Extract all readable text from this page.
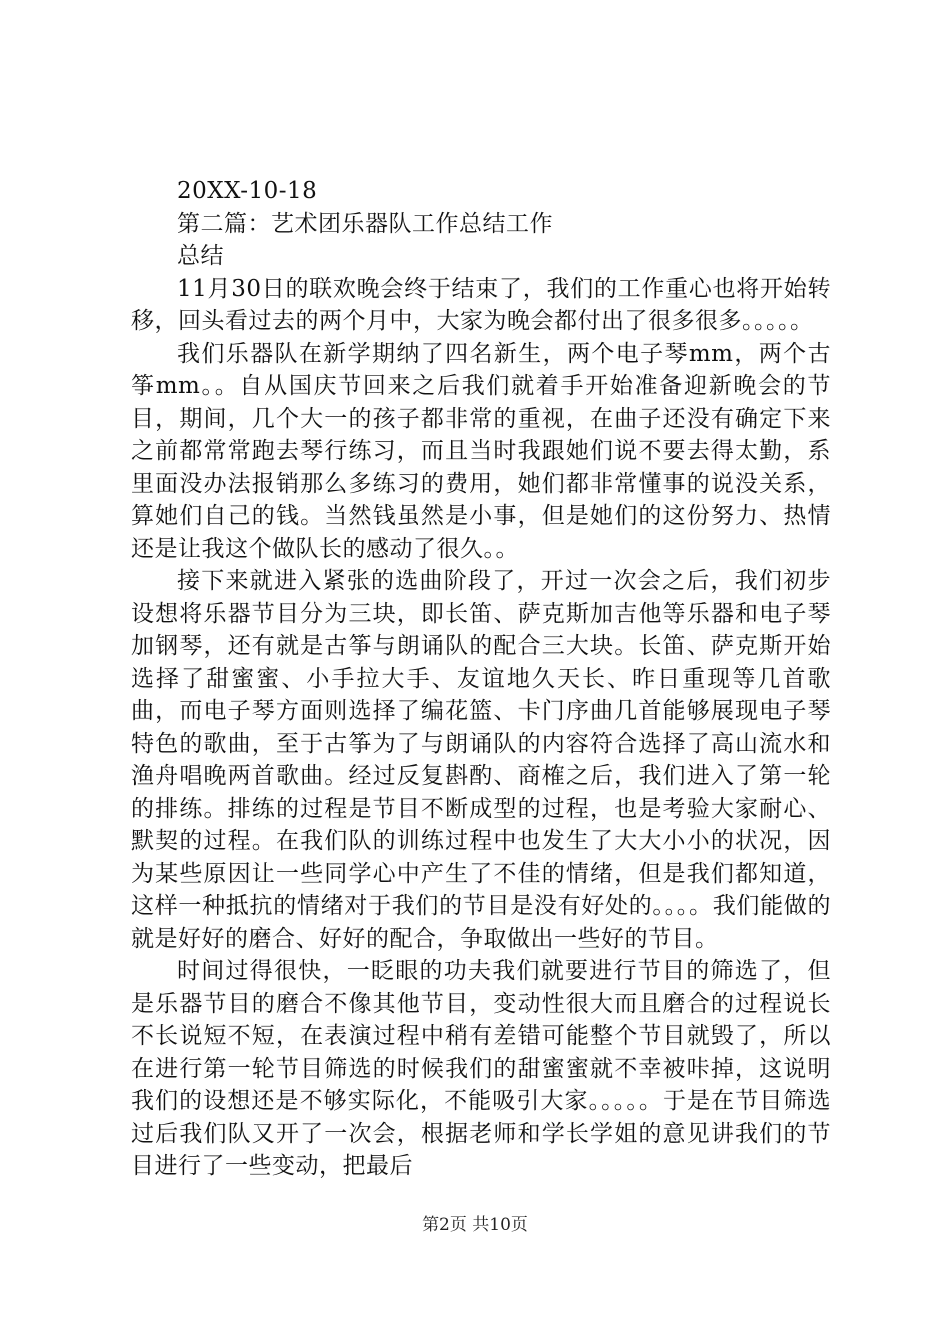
20XX-10-18

第二篇：艺术团乐器队工作总结工作

总结

11月30日的联欢晚会终于结束了，我们的工作重心也将开始转移，回头看过去的两个月中，大家为晚会都付出了很多很多。。。。。

我们乐器队在新学期纳了四名新生，两个电子琴mm，两个古筝mm。。自从国庆节回来之后我们就着手开始准备迎新晚会的节目，期间，几个大一的孩子都非常的重视，在曲子还没有确定下来之前都常常跑去琴行练习，而且当时我跟她们说不要去得太勤，系里面没办法报销那么多练习的费用，她们都非常懂事的说没关系，算她们自己的钱。当然钱虽然是小事，但是她们的这份努力、热情还是让我这个做队长的感动了很久。。

接下来就进入紧张的选曲阶段了，开过一次会之后，我们初步设想将乐器节目分为三块，即长笛、萨克斯加吉他等乐器和电子琴加钢琴，还有就是古筝与朗诵队的配合三大块。长笛、萨克斯开始选择了甜蜜蜜、小手拉大手、友谊地久天长、昨日重现等几首歌曲，而电子琴方面则选择了编花篮、卡门序曲几首能够展现电子琴特色的歌曲，至于古筝为了与朗诵队的内容符合选择了高山流水和渔舟唱晚两首歌曲。经过反复斟酌、商榷之后，我们进入了第一轮的排练。排练的过程是节目不断成型的过程，也是考验大家耐心、默契的过程。在我们队的训练过程中也发生了大大小小的状况，因为某些原因让一些同学心中产生了不佳的情绪，但是我们都知道，这样一种抵抗的情绪对于我们的节目是没有好处的。。。。我们能做的就是好好的磨合、好好的配合，争取做出一些好的节目。

时间过得很快，一眨眼的功夫我们就要进行节目的筛选了，但是乐器节目的磨合不像其他节目，变动性很大而且磨合的过程说长不长说短不短，在表演过程中稍有差错可能整个节目就毁了，所以在进行第一轮节目筛选的时候我们的甜蜜蜜就不幸被咔掉，这说明我们的设想还是不够实际化，不能吸引大家。。。。。于是在节目筛选过后我们队又开了一次会，根据老师和学长学姐的意见讲我们的节目进行了一些变动，把最后

第2页 共10页
